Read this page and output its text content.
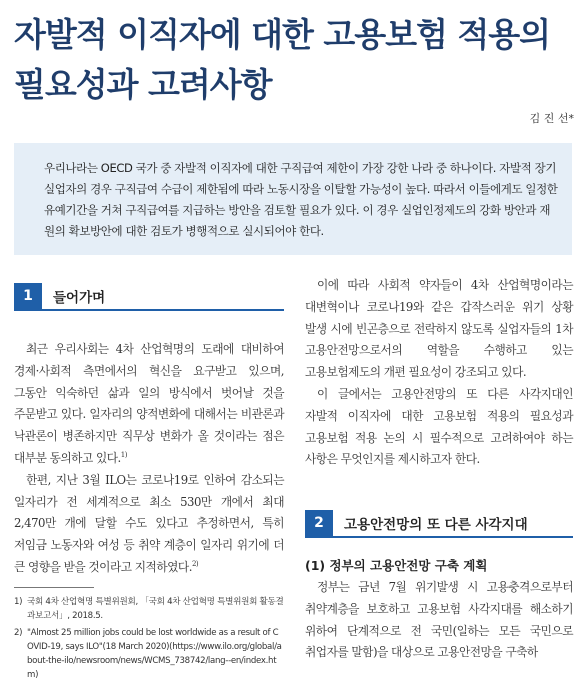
자발적 이직자에 대한 고용보험 적용의 필요성과 고려사항
김 진 선*
우리나라는 OECD 국가 중 자발적 이직자에 대한 구직급여 제한이 가장 강한 나라 중 하나이다. 자발적 장기 실업자의 경우 구직급여 수급이 제한됨에 따라 노동시장을 이탈할 가능성이 높다. 따라서 이들에게도 일정한 유예기간을 거쳐 구직급여를 지급하는 방안을 검토할 필요가 있다. 이 경우 실업인정제도의 강화 방안과 재원의 확보방안에 대한 검토가 병행적으로 실시되어야 한다.
1	들어가며

최근 우리사회는 4차 산업혁명의 도래에 대비하여 경제·사회적 측면에서의 혁신을 요구받고 있으며, 그동안 익숙하던 삶과 일의 방식에서 벗어날 것을 주문받고 있다. 일자리의 양적변화에 대해서는 비관론과 낙관론이 병존하지만 직무상 변화가 올 것이라는 점은 대부분 동의하고 있다.$^{1)}$

한편, 지난 3월 ILO는 코로나19로 인하여 감소되는 일자리가 전 세계적으로 최소 530만 개에서 최대 2,470만 개에 달할 수도 있다고 추정하면서, 특히 저임금 노동자와 여성 등 취약 계층이 일자리 위기에 더 큰 영향을 받을 것이라고 지적하였다.$^{2)}$

이에 따라 사회적 약자들이 4차 산업혁명이라는 대변혁이나 코로나19와 같은 갑작스러운 위기 상황 발생 시에 빈곤층으로 전락하지 않도록 실업자들의 1차 고용안전망으로서의 역할을 수행하고 있는 고용보험제도의 개편 필요성이 강조되고 있다.

이 글에서는 고용안전망의 또 다른 사각지대인 자발적 이직자에 대한 고용보험 적용의 필요성과 고용보험 적용 논의 시 필수적으로 고려하여야 하는 사항은 무엇인지를 제시하고자 한다.

2	고용안전망의 또 다른 사각지대
(1) 정부의 고용안전망 구축 계획

정부는 금년 7월 위기발생 시 고용충격으로부터 취약계층을 보호하고 고용보험 사각지대를 해소하기 위하여 단계적으로 전 국민(일하는 모든 국민으로 취업자를 말함)을 대상으로 고용안전망을 구축하

1) 국회 4차 산업혁명 특별위원회, 「국회 4차 산업혁명 특별위원회 활동결과보고서」, 2018.5.
2) "Almost 25 million jobs could be lost worldwide as a result of COVID-19, says ILO"(18 March 2020)(https://www.ilo.org/global/about-the-ilo/newsroom/news/WCMS_738742/lang--en/index.htm)
